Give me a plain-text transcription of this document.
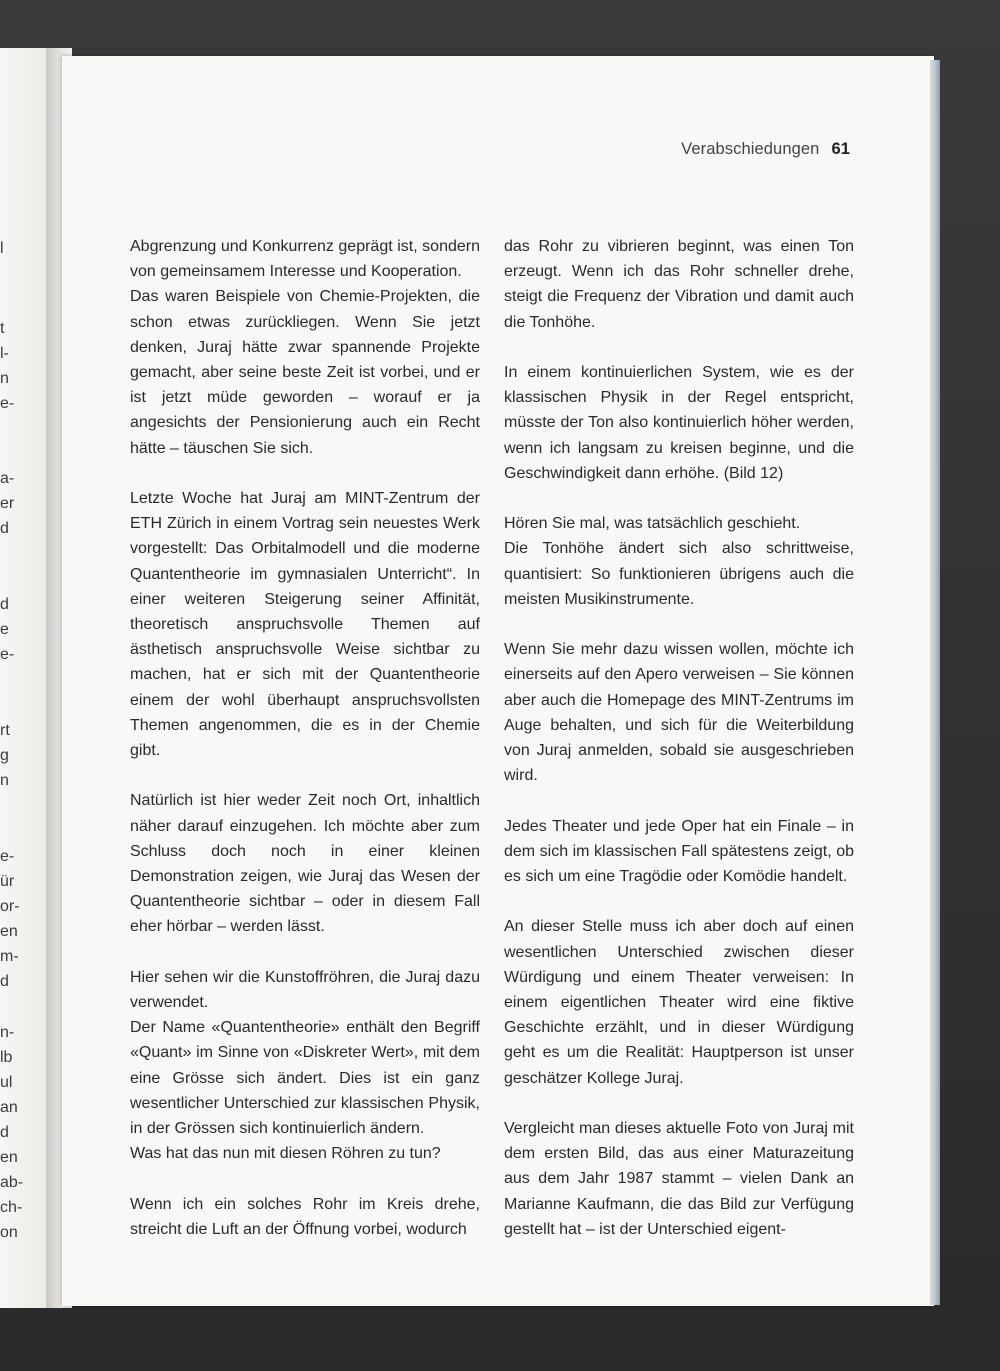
l
t
l-
n
e-
a-
er
d
d
e
e-
rt
g
n
e-
ür
or-
en
m-
d
n-
lb
ul
an
d
en
ab-
ch-
on
Verabschiedungen 61

Abgrenzung und Konkurrenz geprägt ist, sondern von gemeinsamem Interesse und Kooperation.

Das waren Beispiele von Chemie-Projekten, die schon etwas zurückliegen. Wenn Sie jetzt denken, Juraj hätte zwar spannende Projekte gemacht, aber seine beste Zeit ist vorbei, und er ist jetzt müde geworden – worauf er ja angesichts der Pensionierung auch ein Recht hätte – täuschen Sie sich.

Letzte Woche hat Juraj am MINT-Zentrum der ETH Zürich in einem Vortrag sein neuestes Werk vorgestellt: Das Orbitalmodell und die moderne Quantentheorie im gymnasialen Unterricht“. In einer weiteren Steigerung seiner Affinität, theoretisch anspruchsvolle Themen auf ästhetisch anspruchsvolle Weise sichtbar zu machen, hat er sich mit der Quantentheorie einem der wohl überhaupt anspruchsvollsten Themen angenommen, die es in der Chemie gibt.

Natürlich ist hier weder Zeit noch Ort, inhaltlich näher darauf einzugehen. Ich möchte aber zum Schluss doch noch in einer kleinen Demonstration zeigen, wie Juraj das Wesen der Quantentheorie sichtbar – oder in diesem Fall eher hörbar – werden lässt.

Hier sehen wir die Kunstoffröhren, die Juraj dazu verwendet.

Der Name «Quantentheorie» enthält den Begriff «Quant» im Sinne von «Diskreter Wert», mit dem eine Grösse sich ändert. Dies ist ein ganz wesentlicher Unterschied zur klassischen Physik, in der Grössen sich kontinuierlich ändern.

Was hat das nun mit diesen Röhren zu tun?

Wenn ich ein solches Rohr im Kreis drehe, streicht die Luft an der Öffnung vorbei, wodurch

das Rohr zu vibrieren beginnt, was einen Ton erzeugt. Wenn ich das Rohr schneller drehe, steigt die Frequenz der Vibration und damit auch die Tonhöhe.

In einem kontinuierlichen System, wie es der klassischen Physik in der Regel entspricht, müsste der Ton also kontinuierlich höher werden, wenn ich langsam zu kreisen beginne, und die Geschwindigkeit dann erhöhe. (Bild 12)

Hören Sie mal, was tatsächlich geschieht.

Die Tonhöhe ändert sich also schrittweise, quantisiert: So funktionieren übrigens auch die meisten Musikinstrumente.

Wenn Sie mehr dazu wissen wollen, möchte ich einerseits auf den Apero verweisen – Sie können aber auch die Homepage des MINT-Zentrums im Auge behalten, und sich für die Weiterbildung von Juraj anmelden, sobald sie ausgeschrieben wird.

Jedes Theater und jede Oper hat ein Finale – in dem sich im klassischen Fall spätestens zeigt, ob es sich um eine Tragödie oder Komödie handelt.

An dieser Stelle muss ich aber doch auf einen wesentlichen Unterschied zwischen dieser Würdigung und einem Theater verweisen: In einem eigentlichen Theater wird eine fiktive Geschichte erzählt, und in dieser Würdigung geht es um die Realität: Hauptperson ist unser geschätzer Kollege Juraj.

Vergleicht man dieses aktuelle Foto von Juraj mit dem ersten Bild, das aus einer Maturazeitung aus dem Jahr 1987 stammt – vielen Dank an Marianne Kaufmann, die das Bild zur Verfügung gestellt hat – ist der Unterschied eigent-
